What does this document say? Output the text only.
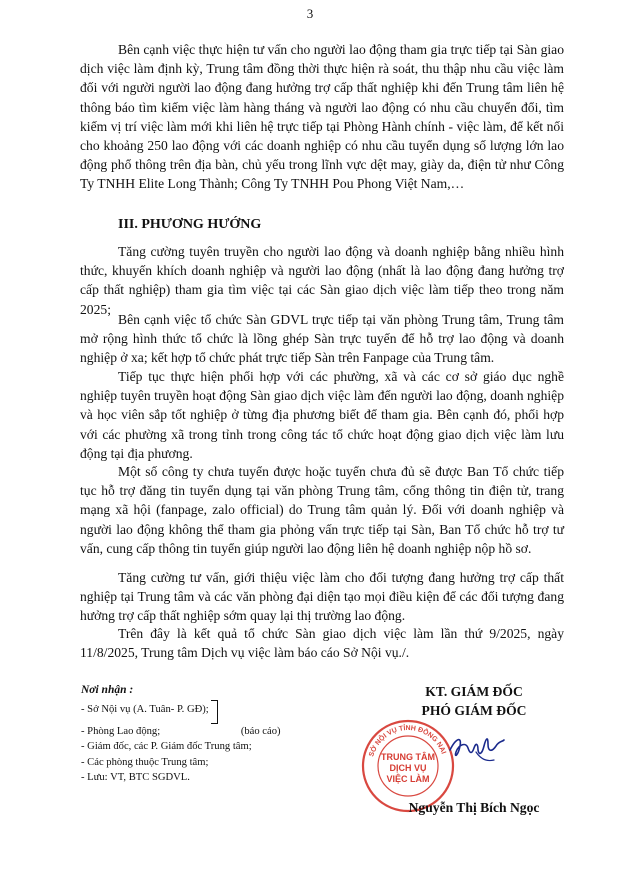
3

Bên cạnh việc thực hiện tư vấn cho người lao động tham gia trực tiếp tại Sàn giao dịch việc làm định kỳ, Trung tâm đồng thời thực hiện rà soát, thu thập nhu cầu việc làm đối với người người lao động đang hưởng trợ cấp thất nghiệp khi đến Trung tâm liên hệ thông báo tìm kiếm việc làm hàng tháng và người lao động có nhu cầu chuyển đổi, tìm kiếm vị trí việc làm mới khi liên hệ trực tiếp tại Phòng Hành chính - việc làm, để kết nối cho khoảng 250 lao động với các doanh nghiệp có nhu cầu tuyển dụng số lượng lớn lao động phổ thông trên địa bàn, chủ yếu trong lĩnh vực dệt may, giày da, điện tử như Công Ty TNHH Elite Long Thành; Công Ty TNHH Pou Phong Việt Nam,…

III. PHƯƠNG HƯỚNG

Tăng cường tuyên truyền cho người lao động và doanh nghiệp bằng nhiều hình thức, khuyến khích doanh nghiệp và người lao động (nhất là lao động đang hưởng trợ cấp thất nghiệp) tham gia tìm việc tại các Sàn giao dịch việc làm tiếp theo trong năm 2025;

Bên cạnh việc tổ chức Sàn GDVL trực tiếp tại văn phòng Trung tâm, Trung tâm mở rộng hình thức tổ chức là lồng ghép Sàn trực tuyến để hỗ trợ lao động và doanh nghiệp ở xa; kết hợp tổ chức phát trực tiếp Sàn trên Fanpage của Trung tâm.

Tiếp tục thực hiện phối hợp với các phường, xã và các cơ sở giáo dục nghề nghiệp tuyên truyền hoạt động Sàn giao dịch việc làm đến người lao động, doanh nghiệp và học viên sắp tốt nghiệp ở từng địa phương biết để tham gia. Bên cạnh đó, phối hợp với các phường xã trong tỉnh trong công tác tổ chức hoạt động giao dịch việc làm lưu động tại địa phương.

Một số công ty chưa tuyển được hoặc tuyển chưa đủ sẽ được Ban Tổ chức tiếp tục hỗ trợ đăng tin tuyển dụng tại văn phòng Trung tâm, cổng thông tin điện tử, trang mạng xã hội (fanpage, zalo official) do Trung tâm quản lý. Đối với doanh nghiệp và người lao động không thể tham gia phỏng vấn trực tiếp tại Sàn, Ban Tổ chức hỗ trợ tư vấn, cung cấp thông tin tuyển giúp người lao động liên hệ doanh nghiệp nộp hồ sơ.

Tăng cường tư vấn, giới thiệu việc làm cho đối tượng đang hưởng trợ cấp thất nghiệp tại Trung tâm và các văn phòng đại diện tạo mọi điều kiện để các đối tượng đang hưởng trợ cấp thất nghiệp sớm quay lại thị trường lao động.

Trên đây là kết quả tổ chức Sàn giao dịch việc làm lần thứ 9/2025, ngày 11/8/2025, Trung tâm Dịch vụ việc làm báo cáo Sở Nội vụ./.

Nơi nhận :
- Sở Nội vụ (A. Tuân- P. GĐ);
- Phòng Lao động;	(báo cáo)
- Giám đốc, các P. Giám đốc Trung tâm;
- Các phòng thuộc Trung tâm;
- Lưu: VT, BTC SGDVL.
KT. GIÁM ĐỐC
PHÓ GIÁM ĐỐC
SỞ NỘI VỤ TỈNH ĐỒNG NAI
TRUNG TÂM
DỊCH VỤ
VIỆC LÀM
Nguyễn Thị Bích Ngọc
